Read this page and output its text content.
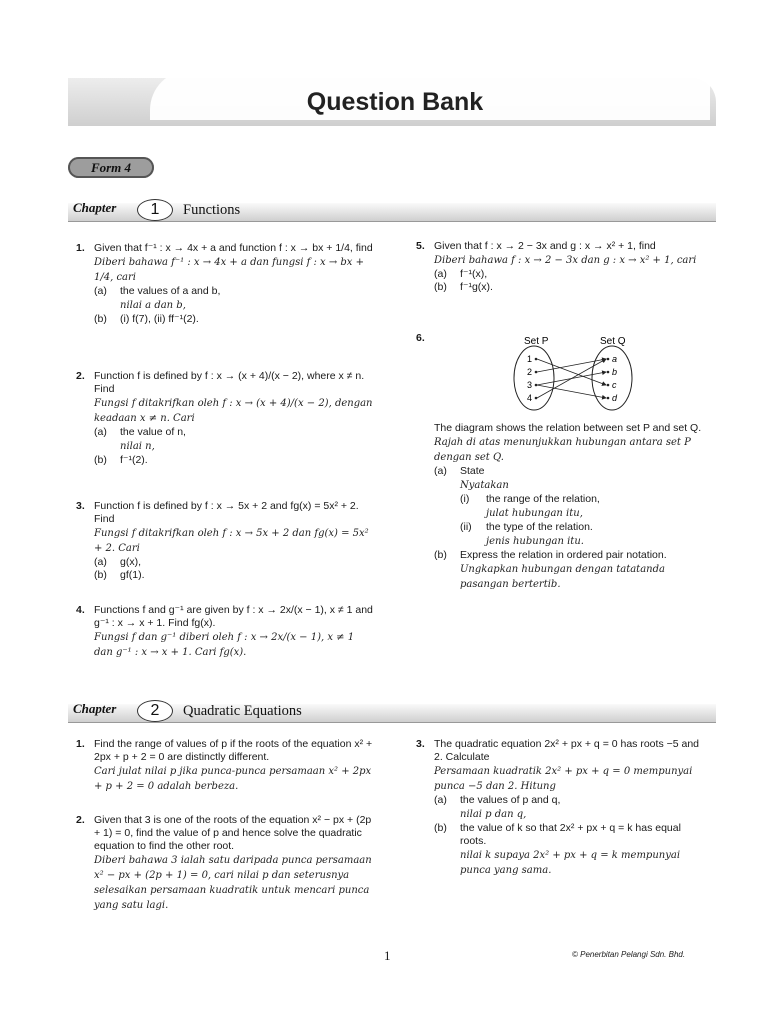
Question Bank
Form 4
Chapter	1	Functions
1. Given that f⁻¹ : x → 4x + a and function f : x → bx + 1/4, find
Diberi bahawa f⁻¹ : x → 4x + a dan fungsi f : x → bx + 1/4, cari
(a) the values of a and b,
nilai a dan b,
(b) (i) f(7), (ii) ff⁻¹(2).
2. Function f is defined by f : x → (x + 4)/(x − 2), where x ≠ n. Find
Fungsi f ditakrifkan oleh f : x → (x + 4)/(x − 2), dengan keadaan x ≠ n. Cari
(a) the value of n,
nilai n,
(b) f⁻¹(2).
3. Function f is defined by f : x → 5x + 2 and fg(x) = 5x² + 2. Find
Fungsi f ditakrifkan oleh f : x → 5x + 2 dan fg(x) = 5x² + 2. Cari
(a) g(x),
(b) gf(1).
4. Functions f and g⁻¹ are given by f : x → 2x/(x − 1), x ≠ 1 and g⁻¹ : x → x + 1. Find fg(x).
Fungsi f dan g⁻¹ diberi oleh f : x → 2x/(x − 1), x ≠ 1 dan g⁻¹ : x → x + 1. Cari fg(x).
5. Given that f : x → 2 − 3x and g : x → x² + 1, find
Diberi bahawa f : x → 2 − 3x dan g : x → x² + 1, cari
(a) f⁻¹(x),
(b) f⁻¹g(x).
6.	Set P	Set Q
1
2
3
4
a
b
c
d
The diagram shows the relation between set P and set Q.
Rajah di atas menunjukkan hubungan antara set P dengan set Q.
(a) State
Nyatakan
(i) the range of the relation,
julat hubungan itu,
(ii) the type of the relation.
jenis hubungan itu.
(b) Express the relation in ordered pair notation.
Ungkapkan hubungan dengan tatatanda pasangan bertertib.
Chapter	2	Quadratic Equations
1. Find the range of values of p if the roots of the equation x² + 2px + p + 2 = 0 are distinctly different.
Cari julat nilai p jika punca-punca persamaan x² + 2px + p + 2 = 0 adalah berbeza.
2. Given that 3 is one of the roots of the equation x² − px + (2p + 1) = 0, find the value of p and hence solve the quadratic equation to find the other root.
Diberi bahawa 3 ialah satu daripada punca persamaan x² − px + (2p + 1) = 0, cari nilai p dan seterusnya selesaikan persamaan kuadratik untuk mencari punca yang satu lagi.
3. The quadratic equation 2x² + px + q = 0 has roots −5 and 2. Calculate
Persamaan kuadratik 2x² + px + q = 0 mempunyai punca −5 dan 2. Hitung
(a) the values of p and q,
nilai p dan q,
(b) the value of k so that 2x² + px + q = k has equal roots.
nilai k supaya 2x² + px + q = k mempunyai punca yang sama.
1	© Penerbitan Pelangi Sdn. Bhd.
